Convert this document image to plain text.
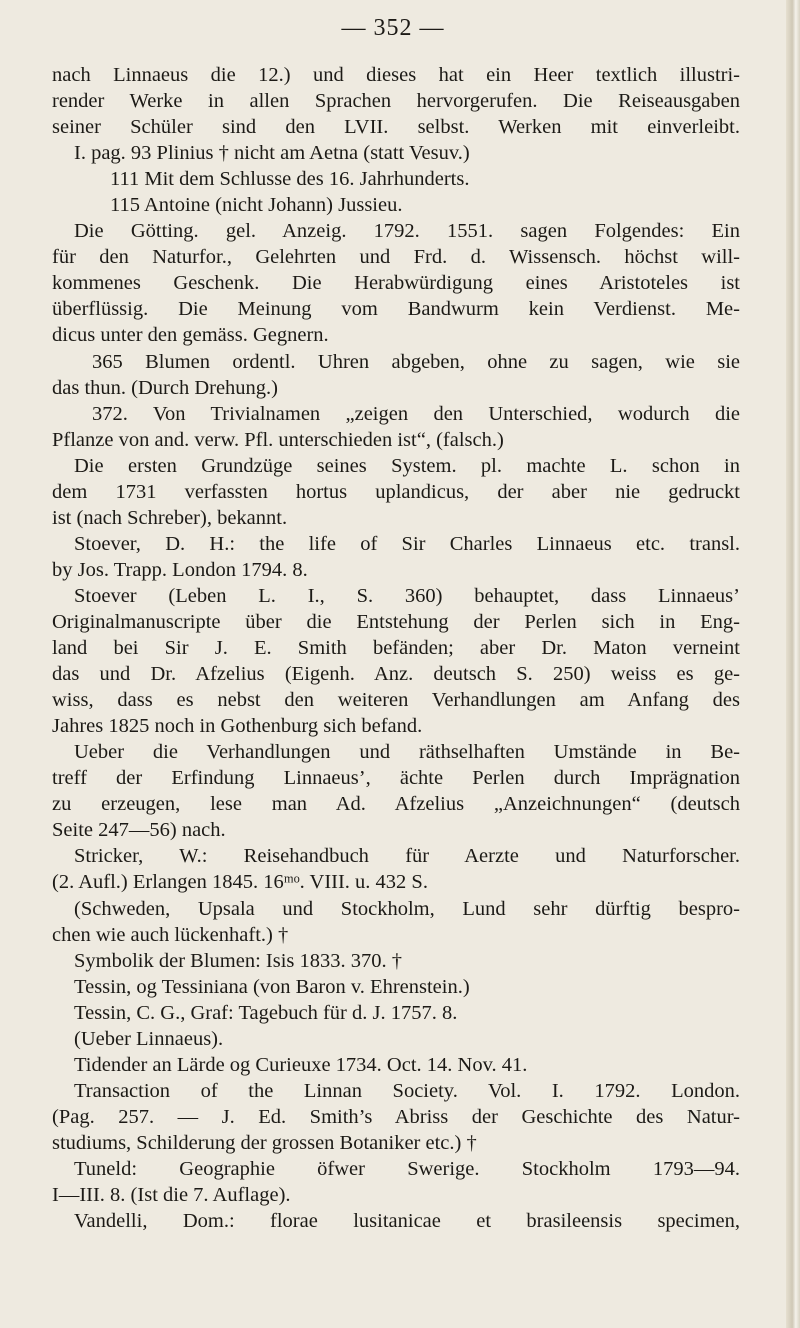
— 352 —
nach Linnaeus die 12.) und dieses hat ein Heer textlich illustri-
render Werke in allen Sprachen hervorgerufen. Die Reiseausgaben
seiner Schüler sind den LVII. selbst. Werken mit einverleibt.
I. pag. 93 Plinius † nicht am Aetna (statt Vesuv.)
111 Mit dem Schlusse des 16. Jahrhunderts.
115 Antoine (nicht Johann) Jussieu.
Die Götting. gel. Anzeig. 1792. 1551. sagen Folgendes: Ein
für den Naturfor., Gelehrten und Frd. d. Wissensch. höchst will-
kommenes Geschenk. Die Herabwürdigung eines Aristoteles ist
überflüssig. Die Meinung vom Bandwurm kein Verdienst. Me-
dicus unter den gemäss. Gegnern.
365 Blumen ordentl. Uhren abgeben, ohne zu sagen, wie sie
das thun. (Durch Drehung.)
372. Von Trivialnamen „zeigen den Unterschied, wodurch die
Pflanze von and. verw. Pfl. unterschieden ist“, (falsch.)
Die ersten Grundzüge seines System. pl. machte L. schon in
dem 1731 verfassten hortus uplandicus, der aber nie gedruckt
ist (nach Schreber), bekannt.
Stoever, D. H.: the life of Sir Charles Linnaeus etc. transl.
by Jos. Trapp. London 1794. 8.
Stoever (Leben L. I., S. 360) behauptet, dass Linnaeus’
Originalmanuscripte über die Entstehung der Perlen sich in Eng-
land bei Sir J. E. Smith befänden; aber Dr. Maton verneint
das und Dr. Afzelius (Eigenh. Anz. deutsch S. 250) weiss es ge-
wiss, dass es nebst den weiteren Verhandlungen am Anfang des
Jahres 1825 noch in Gothenburg sich befand.
Ueber die Verhandlungen und räthselhaften Umstände in Be-
treff der Erfindung Linnaeus’, ächte Perlen durch Imprägnation
zu erzeugen, lese man Ad. Afzelius „Anzeichnungen“ (deutsch
Seite 247—56) nach.
Stricker, W.: Reisehandbuch für Aerzte und Naturforscher.
(2. Aufl.) Erlangen 1845. 16ᵐᵒ. VIII. u. 432 S.
(Schweden, Upsala und Stockholm, Lund sehr dürftig bespro-
chen wie auch lückenhaft.) †
Symbolik der Blumen: Isis 1833. 370. †
Tessin, og Tessiniana (von Baron v. Ehrenstein.)
Tessin, C. G., Graf: Tagebuch für d. J. 1757. 8.
(Ueber Linnaeus).
Tidender an Lärde og Curieuxe 1734. Oct. 14. Nov. 41.
Transaction of the Linnan Society. Vol. I. 1792. London.
(Pag. 257. — J. Ed. Smith’s Abriss der Geschichte des Natur-
studiums, Schilderung der grossen Botaniker etc.) †
Tuneld: Geographie öfwer Swerige. Stockholm 1793—94.
I—III. 8. (Ist die 7. Auflage).
Vandelli, Dom.: florae lusitanicae et brasileensis specimen,
